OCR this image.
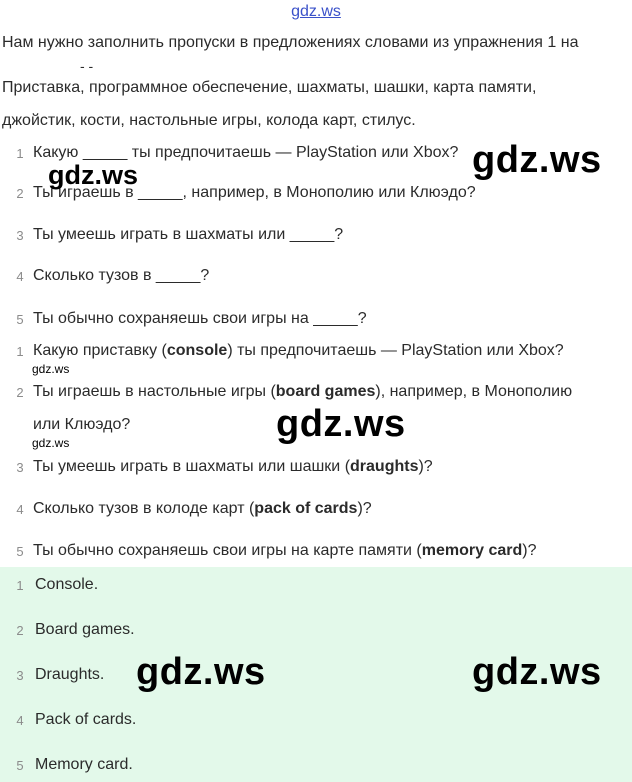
gdz.ws
Нам нужно заполнить пропуски в предложениях словами из упражнения 1 на
- -
Приставка, программное обеспечение, шахматы, шашки, карта памяти,
джойстик, кости, настольные игры, колода карт, стилус.
1 Какую _____ ты предпочитаешь — PlayStation или Xbox?
2 Ты играешь в _____, например, в Монополию или Клюэдо?
3 Ты умеешь играть в шахматы или _____?
4 Сколько тузов в _____?
5 Ты обычно сохраняешь свои игры на _____?
1 Какую приставку (console) ты предпочитаешь — PlayStation или Xbox?
2 Ты играешь в настольные игры (board games), например, в Монополию
или Клюэдо?
3 Ты умеешь играть в шахматы или шашки (draughts)?
4 Сколько тузов в колоде карт (pack of cards)?
5 Ты обычно сохраняешь свои игры на карте памяти (memory card)?
1 Console.
2 Board games.
3 Draughts.
4 Pack of cards.
5 Memory card.
gdz.ws
gdz.ws
gdz.ws
gdz.ws
gdz.ws
gdz.ws	gdz.ws
